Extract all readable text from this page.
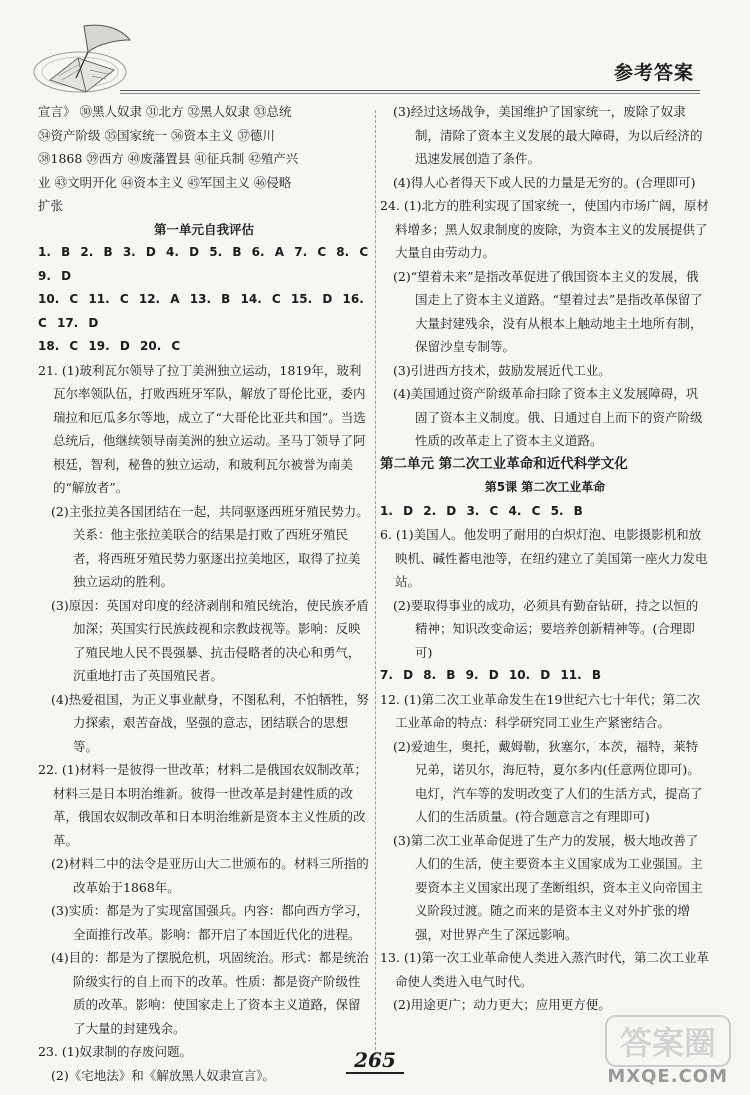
参考答案

宣言》 ㉚黑人奴隶 ㉛北方 ㉜黑人奴隶 ㉝总统

㉞资产阶级 ㉟国家统一 ㊱资本主义 ㊲德川

㊳1868 ㊴西方 ㊵废藩置县 ㊶征兵制 ㊷殖产兴

业 ㊸文明开化 ㊹资本主义 ㊺军国主义 ㊻侵略

扩张

第一单元自我评估

1. B 2. B 3. D 4. D 5. B 6. A 7. C 8. C 9. D

10. C 11. C 12. A 13. B 14. C 15. D 16. C 17. D

18. C 19. D 20. C

21. (1)玻利瓦尔领导了拉丁美洲独立运动，1819年，玻利瓦尔率领队伍，打败西班牙军队，解放了哥伦比亚，委内瑞拉和厄瓜多尔等地，成立了“大哥伦比亚共和国”。当选总统后，他继续领导南美洲的独立运动。圣马丁领导了阿根廷，智利，秘鲁的独立运动，和玻利瓦尔被誉为南美的“解放者”。

(2)主张拉美各国团结在一起，共同驱逐西班牙殖民势力。关系：他主张拉美联合的结果是打败了西班牙殖民者，将西班牙殖民势力驱逐出拉美地区，取得了拉美独立运动的胜利。

(3)原因：英国对印度的经济剥削和殖民统治，使民族矛盾加深；英国实行民族歧视和宗教歧视等。影响：反映了殖民地人民不畏强暴、抗击侵略者的决心和勇气，沉重地打击了英国殖民者。

(4)热爱祖国，为正义事业献身，不图私利，不怕牺牲，努力探索，艰苦奋战，坚强的意志，团结联合的思想等。

22. (1)材料一是彼得一世改革；材料二是俄国农奴制改革；材料三是日本明治维新。彼得一世改革是封建性质的改革，俄国农奴制改革和日本明治维新是资本主义性质的改革。

(2)材料二中的法令是亚历山大二世颁布的。材料三所指的改革始于1868年。

(3)实质：都是为了实现富国强兵。内容：都向西方学习，全面推行改革。影响：都开启了本国近代化的进程。

(4)目的：都是为了摆脱危机，巩固统治。形式：都是统治阶级实行的自上而下的改革。性质：都是资产阶级性质的改革。影响：使国家走上了资本主义道路，保留了大量的封建残余。

23. (1)奴隶制的存废问题。

(2)《宅地法》和《解放黑人奴隶宣言》。

(3)经过这场战争，美国维护了国家统一，废除了奴隶制，清除了资本主义发展的最大障碍，为以后经济的迅速发展创造了条件。

(4)得人心者得天下或人民的力量是无穷的。(合理即可)

24. (1)北方的胜利实现了国家统一，使国内市场广阔，原材料增多；黑人奴隶制度的废除，为资本主义的发展提供了大量自由劳动力。

(2)“望着未来”是指改革促进了俄国资本主义的发展，俄国走上了资本主义道路。“望着过去”是指改革保留了大量封建残余，没有从根本上触动地主土地所有制，保留沙皇专制等。

(3)引进西方技术，鼓励发展近代工业。

(4)美国通过资产阶级革命扫除了资本主义发展障碍，巩固了资本主义制度。俄、日通过自上而下的资产阶级性质的改革走上了资本主义道路。

第二单元 第二次工业革命和近代科学文化

第5课 第二次工业革命

1. D 2. D 3. C 4. C 5. B

6. (1)美国人。他发明了耐用的白炽灯泡、电影摄影机和放映机、碱性蓄电池等，在纽约建立了美国第一座火力发电站。

(2)要取得事业的成功，必须具有勤奋钻研，持之以恒的精神；知识改变命运；要培养创新精神等。(合理即可)

7. D 8. B 9. D 10. D 11. B

12. (1)第二次工业革命发生在19世纪六七十年代；第二次工业革命的特点：科学研究同工业生产紧密结合。

(2)爱迪生，奥托，戴姆勒，狄塞尔，本茨，福特，莱特兄弟，诺贝尔，海厄特，夏尔多内(任意两位即可)。电灯，汽车等的发明改变了人们的生活方式，提高了人们的生活质量。(符合题意言之有理即可)

(3)第二次工业革命促进了生产力的发展，极大地改善了人们的生活，使主要资本主义国家成为工业强国。主要资本主义国家出现了垄断组织，资本主义向帝国主义阶段过渡。随之而来的是资本主义对外扩张的增强，对世界产生了深远影响。

13. (1)第一次工业革命使人类进入蒸汽时代，第二次工业革命使人类进入电气时代。

(2)用途更广；动力更大；应用更方便。

265	答案圈
MXQE.COM
